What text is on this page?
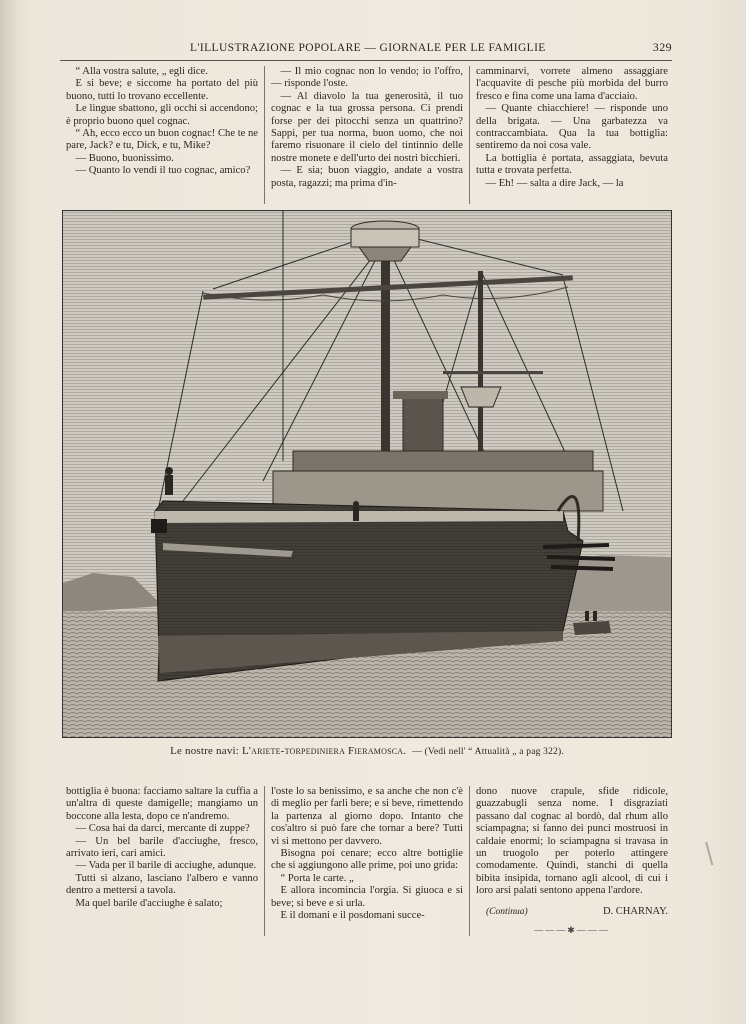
L'ILLUSTRAZIONE POPOLARE — GIORNALE PER LE FAMIGLIE	329

“ Alla vostra salute, „ egli dice.

E si beve; e siccome ha portato del più buono, tutti lo trovano eccellente.

Le lingue sbattono, gli occhi si accendono; è proprio buono quel cognac.

“ Ah, ecco ecco un buon cognac! Che te ne pare, Jack? e tu, Dick, e tu, Mike?

— Buono, buonissimo.

— Quanto lo vendi il tuo cognac, amico?

— Il mio cognac non lo vendo; io l'offro, — risponde l'oste.

— Al diavolo la tua generosità, il tuo cognac e la tua grossa persona. Ci prendi forse per dei pitocchi senza un quattrino? Sappi, per tua norma, buon uomo, che noi faremo risuonare il cielo del tintinnio delle nostre monete e dell'urto dei nostri bicchieri.

— E sia; buon viaggio, andate a vostra posta, ragazzi; ma prima d'in-

camminarvi, vorrete almeno assaggiare l'acquavite di pesche più morbida del burro fresco e fina come una lama d'acciaio.

— Quante chiacchiere! — risponde uno della brigata. — Una garbatezza va contraccambiata. Qua la tua bottiglia: sentiremo da noi cosa vale.

La bottiglia è portata, assaggiata, bevuta tutta e trovata perfetta.

— Eh! — salta a dire Jack, — la

Le nostre navi: L'ariete-torpediniera Fieramosca. — (Vedi nell' “ Attualità „ a pag 322).

bottiglia è buona: facciamo saltare la cuffia a un'altra di queste damigelle; mangiamo un boccone alla lesta, dopo ce n'andremo.

— Cosa hai da darci, mercante di zuppe?

— Un bel barile d'acciughe, fresco, arrivato ieri, cari amici.

— Vada per il barile di acciughe, adunque.

Tutti si alzano, lasciano l'albero e vanno dentro a mettersi a tavola.

Ma quel barile d'acciughe è salato;

l'oste lo sa benissimo, e sa anche che non c'è di meglio per farli bere; e si beve, rimettendo la partenza al giorno dopo. Intanto che cos'altro si può fare che tornar a bere? Tutti vi si mettono per davvero.

Bisogna poi cenare; ecco altre bottiglie che si aggiungono alle prime, poi uno grida:

“ Porta le carte. „

E allora incomincia l'orgia. Si giuoca e si beve; si beve e si urla.

E il domani e il posdomani succe-

dono nuove crapule, sfide ridicole, guazzabugli senza nome. I disgraziati passano dal cognac al bordò, dal rhum allo sciampagna; si fanno dei punci mostruosi in caldaie enormi; lo sciampagna si travasa in un truogolo per poterlo attingere comodamente. Quindi, stanchi di quella bibita insipida, tornano agli alcool, di cui i loro arsi palati sentono appena l'ardore.

(Continua)	D. CHARNAY.
———✱———
